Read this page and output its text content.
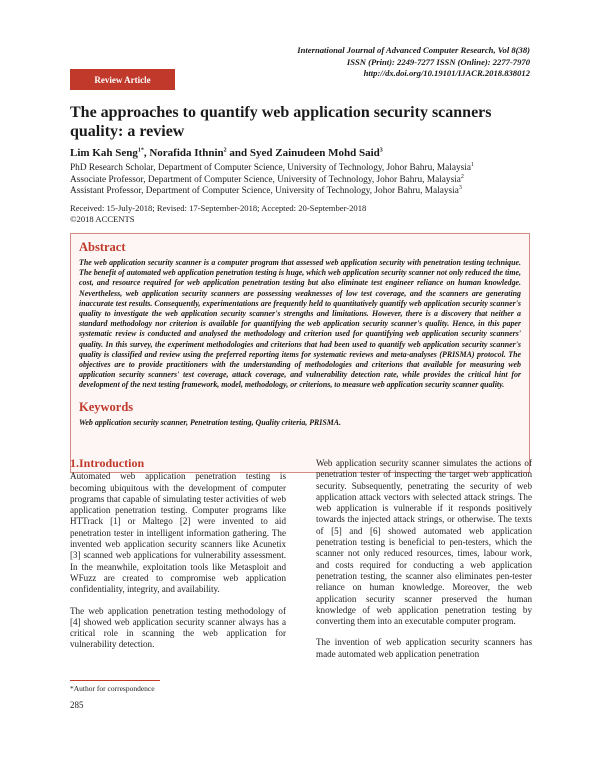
International Journal of Advanced Computer Research, Vol 8(38)
ISSN (Print): 2249-7277 ISSN (Online): 2277-7970
http://dx.doi.org/10.19101/IJACR.2018.838012
Review Article
The approaches to quantify web application security scanners quality: a review
Lim Kah Seng$^{1*}$, Norafida Ithnin$^2$ and Syed Zainudeen Mohd Said$^3$
PhD Research Scholar, Department of Computer Science, University of Technology, Johor Bahru, Malaysia$^1$
Associate Professor, Department of Computer Science, University of Technology, Johor Bahru, Malaysia$^2$
Assistant Professor, Department of Computer Science, University of Technology, Johor Bahru, Malaysia$^3$
Received: 15-July-2018; Revised: 17-September-2018; Accepted: 20-September-2018
©2018 ACCENTS
Abstract

The web application security scanner is a computer program that assessed web application security with penetration testing technique. The benefit of automated web application penetration testing is huge, which web application security scanner not only reduced the time, cost, and resource required for web application penetration testing but also eliminate test engineer reliance on human knowledge. Nevertheless, web application security scanners are possessing weaknesses of low test coverage, and the scanners are generating inaccurate test results. Consequently, experimentations are frequently held to quantitatively quantify web application security scanner's quality to investigate the web application security scanner's strengths and limitations. However, there is a discovery that neither a standard methodology nor criterion is available for quantifying the web application security scanner's quality. Hence, in this paper systematic review is conducted and analysed the methodology and criterion used for quantifying web application security scanners' quality. In this survey, the experiment methodologies and criterions that had been used to quantify web application security scanner's quality is classified and review using the preferred reporting items for systematic reviews and meta-analyses (PRISMA) protocol. The objectives are to provide practitioners with the understanding of methodologies and criterions that available for measuring web application security scanners' test coverage, attack coverage, and vulnerability detection rate, while provides the critical hint for development of the next testing framework, model, methodology, or criterions, to measure web application security scanner quality.

Keywords

Web application security scanner, Penetration testing, Quality criteria, PRISMA.

1.Introduction

Automated web application penetration testing is becoming ubiquitous with the development of computer programs that capable of simulating tester activities of web application penetration testing. Computer programs like HTTrack [1] or Maltego [2] were invented to aid penetration tester in intelligent information gathering. The invented web application security scanners like Acunetix [3] scanned web applications for vulnerability assessment. In the meanwhile, exploitation tools like Metasploit and WFuzz are created to compromise web application confidentiality, integrity, and availability.

The web application penetration testing methodology of [4] showed web application security scanner always has a critical role in scanning the web application for vulnerability detection.

Web application security scanner simulates the actions of penetration tester of inspecting the target web application security. Subsequently, penetrating the security of web application attack vectors with selected attack strings. The web application is vulnerable if it responds positively towards the injected attack strings, or otherwise. The texts of [5] and [6] showed automated web application penetration testing is beneficial to pen-testers, which the scanner not only reduced resources, times, labour work, and costs required for conducting a web application penetration testing, the scanner also eliminates pen-tester reliance on human knowledge. Moreover, the web application security scanner preserved the human knowledge of web application penetration testing by converting them into an executable computer program.

The invention of web application security scanners has made automated web application penetration

*Author for correspondence
285
